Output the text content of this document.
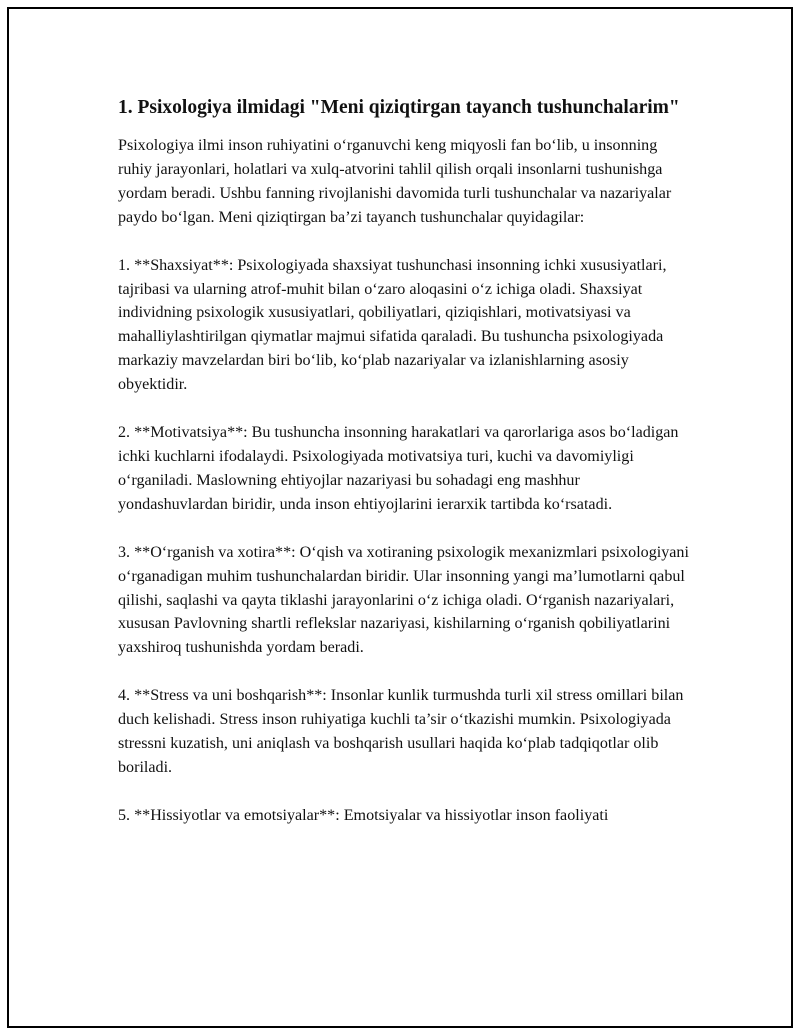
1. Psixologiya ilmidagi "Meni qiziqtirgan tayanch tushunchalarim"

Psixologiya ilmi inson ruhiyatini o‘rganuvchi keng miqyosli fan bo‘lib, u insonning ruhiy jarayonlari, holatlari va xulq-atvorini tahlil qilish orqali insonlarni tushunishga yordam beradi. Ushbu fanning rivojlanishi davomida turli tushunchalar va nazariyalar paydo bo‘lgan. Meni qiziqtirgan ba’zi tayanch tushunchalar quyidagilar:

1. **Shaxsiyat**: Psixologiyada shaxsiyat tushunchasi insonning ichki xususiyatlari, tajribasi va ularning atrof-muhit bilan o‘zaro aloqasini o‘z ichiga oladi. Shaxsiyat individning psixologik xususiyatlari, qobiliyatlari, qiziqishlari, motivatsiyasi va mahalliylashtirilgan qiymatlar majmui sifatida qaraladi. Bu tushuncha psixologiyada markaziy mavzelardan biri bo‘lib, ko‘plab nazariyalar va izlanishlarning asosiy obyektidir.

2. **Motivatsiya**: Bu tushuncha insonning harakatlari va qarorlariga asos bo‘ladigan ichki kuchlarni ifodalaydi. Psixologiyada motivatsiya turi, kuchi va davomiyligi o‘rganiladi. Maslowning ehtiyojlar nazariyasi bu sohadagi eng mashhur yondashuvlardan biridir, unda inson ehtiyojlarini ierarxik tartibda ko‘rsatadi.

3. **O‘rganish va xotira**: O‘qish va xotiraning psixologik mexanizmlari psixologiyani o‘rganadigan muhim tushunchalardan biridir. Ular insonning yangi ma’lumotlarni qabul qilishi, saqlashi va qayta tiklashi jarayonlarini o‘z ichiga oladi. O‘rganish nazariyalari, xususan Pavlovning shartli reflekslar nazariyasi, kishilarning o‘rganish qobiliyatlarini yaxshiroq tushunishda yordam beradi.

4. **Stress va uni boshqarish**: Insonlar kunlik turmushda turli xil stress omillari bilan duch kelishadi. Stress inson ruhiyatiga kuchli ta’sir o‘tkazishi mumkin. Psixologiyada stressni kuzatish, uni aniqlash va boshqarish usullari haqida ko‘plab tadqiqotlar olib boriladi.

5. **Hissiyotlar va emotsiyalar**: Emotsiyalar va hissiyotlar inson faoliyati
